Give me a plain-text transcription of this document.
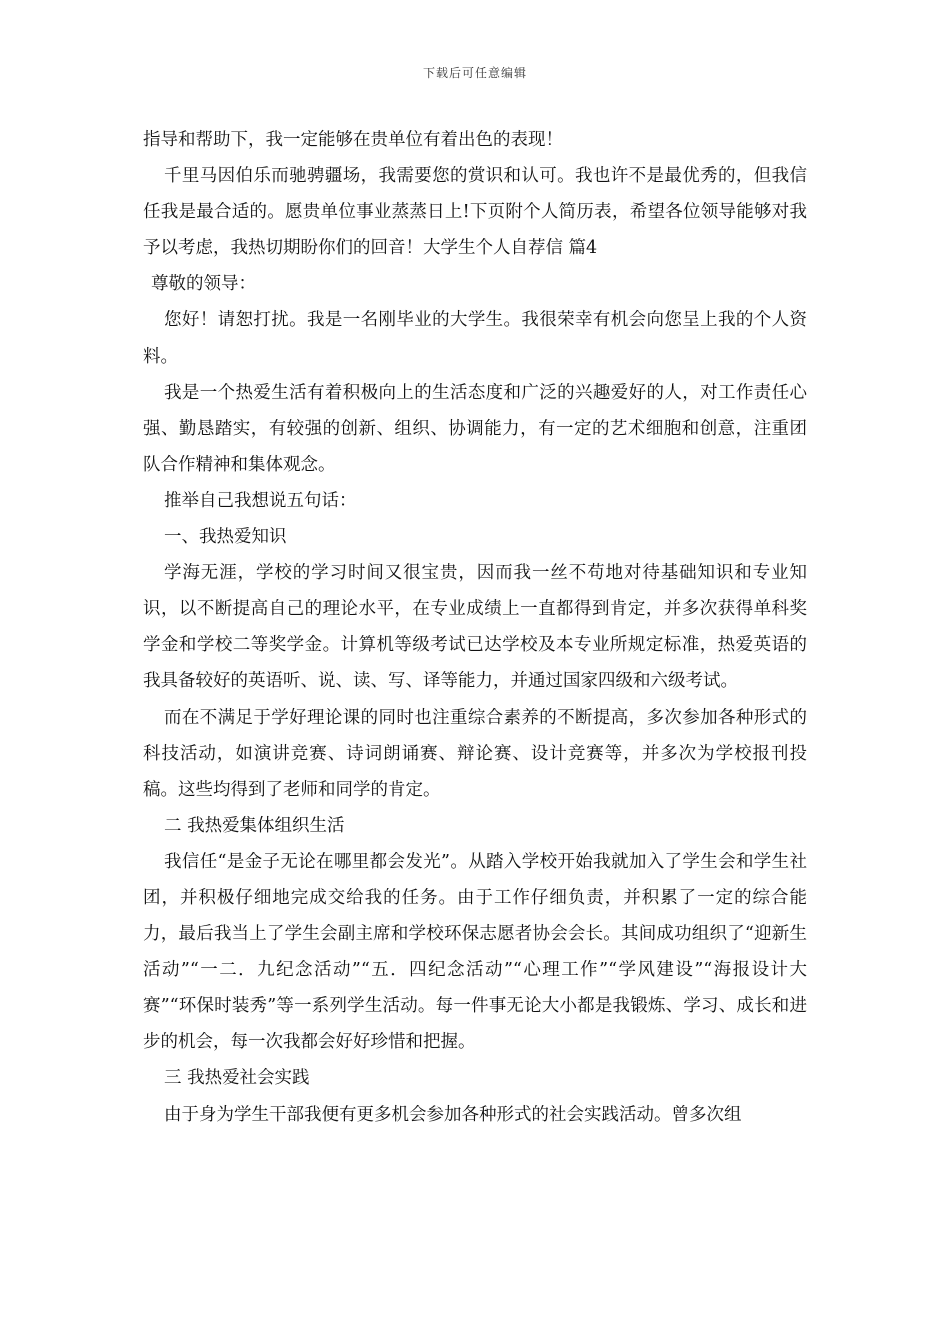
下载后可任意编辑

指导和帮助下，我一定能够在贵单位有着出色的表现！

千里马因伯乐而驰骋疆场，我需要您的赏识和认可。我也许不是最优秀的，但我信任我是最合适的。愿贵单位事业蒸蒸日上!下页附个人简历表，希望各位领导能够对我予以考虑，我热切期盼你们的回音！大学生个人自荐信 篇4

尊敬的领导：

您好！请恕打扰。我是一名刚毕业的大学生。我很荣幸有机会向您呈上我的个人资料。

我是一个热爱生活有着积极向上的生活态度和广泛的兴趣爱好的人，对工作责任心强、勤恳踏实，有较强的创新、组织、协调能力，有一定的艺术细胞和创意，注重团队合作精神和集体观念。

推举自己我想说五句话：

一、我热爱知识

学海无涯，学校的学习时间又很宝贵，因而我一丝不苟地对待基础知识和专业知识，以不断提高自己的理论水平，在专业成绩上一直都得到肯定，并多次获得单科奖学金和学校二等奖学金。计算机等级考试已达学校及本专业所规定标准，热爱英语的我具备较好的英语听、说、读、写、译等能力，并通过国家四级和六级考试。

而在不满足于学好理论课的同时也注重综合素养的不断提高，多次参加各种形式的科技活动，如演讲竞赛、诗词朗诵赛、辩论赛、设计竞赛等，并多次为学校报刊投稿。这些均得到了老师和同学的肯定。

二 我热爱集体组织生活

我信任“是金子无论在哪里都会发光”。从踏入学校开始我就加入了学生会和学生社团，并积极仔细地完成交给我的任务。由于工作仔细负责，并积累了一定的综合能力，最后我当上了学生会副主席和学校环保志愿者协会会长。其间成功组织了“迎新生活动”“一二．九纪念活动”“五．四纪念活动”“心理工作”“学风建设”“海报设计大赛”“环保时装秀”等一系列学生活动。每一件事无论大小都是我锻炼、学习、成长和进步的机会，每一次我都会好好珍惜和把握。

三 我热爱社会实践

由于身为学生干部我便有更多机会参加各种形式的社会实践活动。曾多次组
